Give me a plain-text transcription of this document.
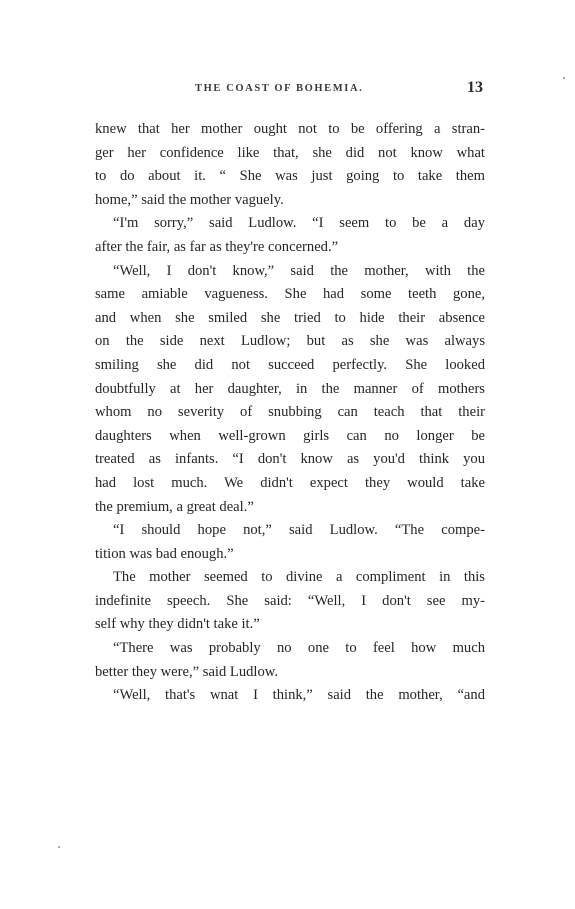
THE COAST OF BOHEMIA.	13
knew that her mother ought not to be offering a stran-
ger her confidence like that, she did not know what
to do about it. “ She was just going to take them
home,” said the mother vaguely.
“I'm sorry,” said Ludlow. “I seem to be a day
after the fair, as far as they're concerned.”
“Well, I don't know,” said the mother, with the
same amiable vagueness. She had some teeth gone,
and when she smiled she tried to hide their absence
on the side next Ludlow; but as she was always
smiling she did not succeed perfectly. She looked
doubtfully at her daughter, in the manner of mothers
whom no severity of snubbing can teach that their
daughters when well-grown girls can no longer be
treated as infants. “I don't know as you'd think you
had lost much. We didn't expect they would take
the premium, a great deal.”
“I should hope not,” said Ludlow. “The compe-
tition was bad enough.”
The mother seemed to divine a compliment in this
indefinite speech. She said: “Well, I don't see my-
self why they didn't take it.”
“There was probably no one to feel how much
better they were,” said Ludlow.
“Well, that's wnat I think,” said the mother, “and
